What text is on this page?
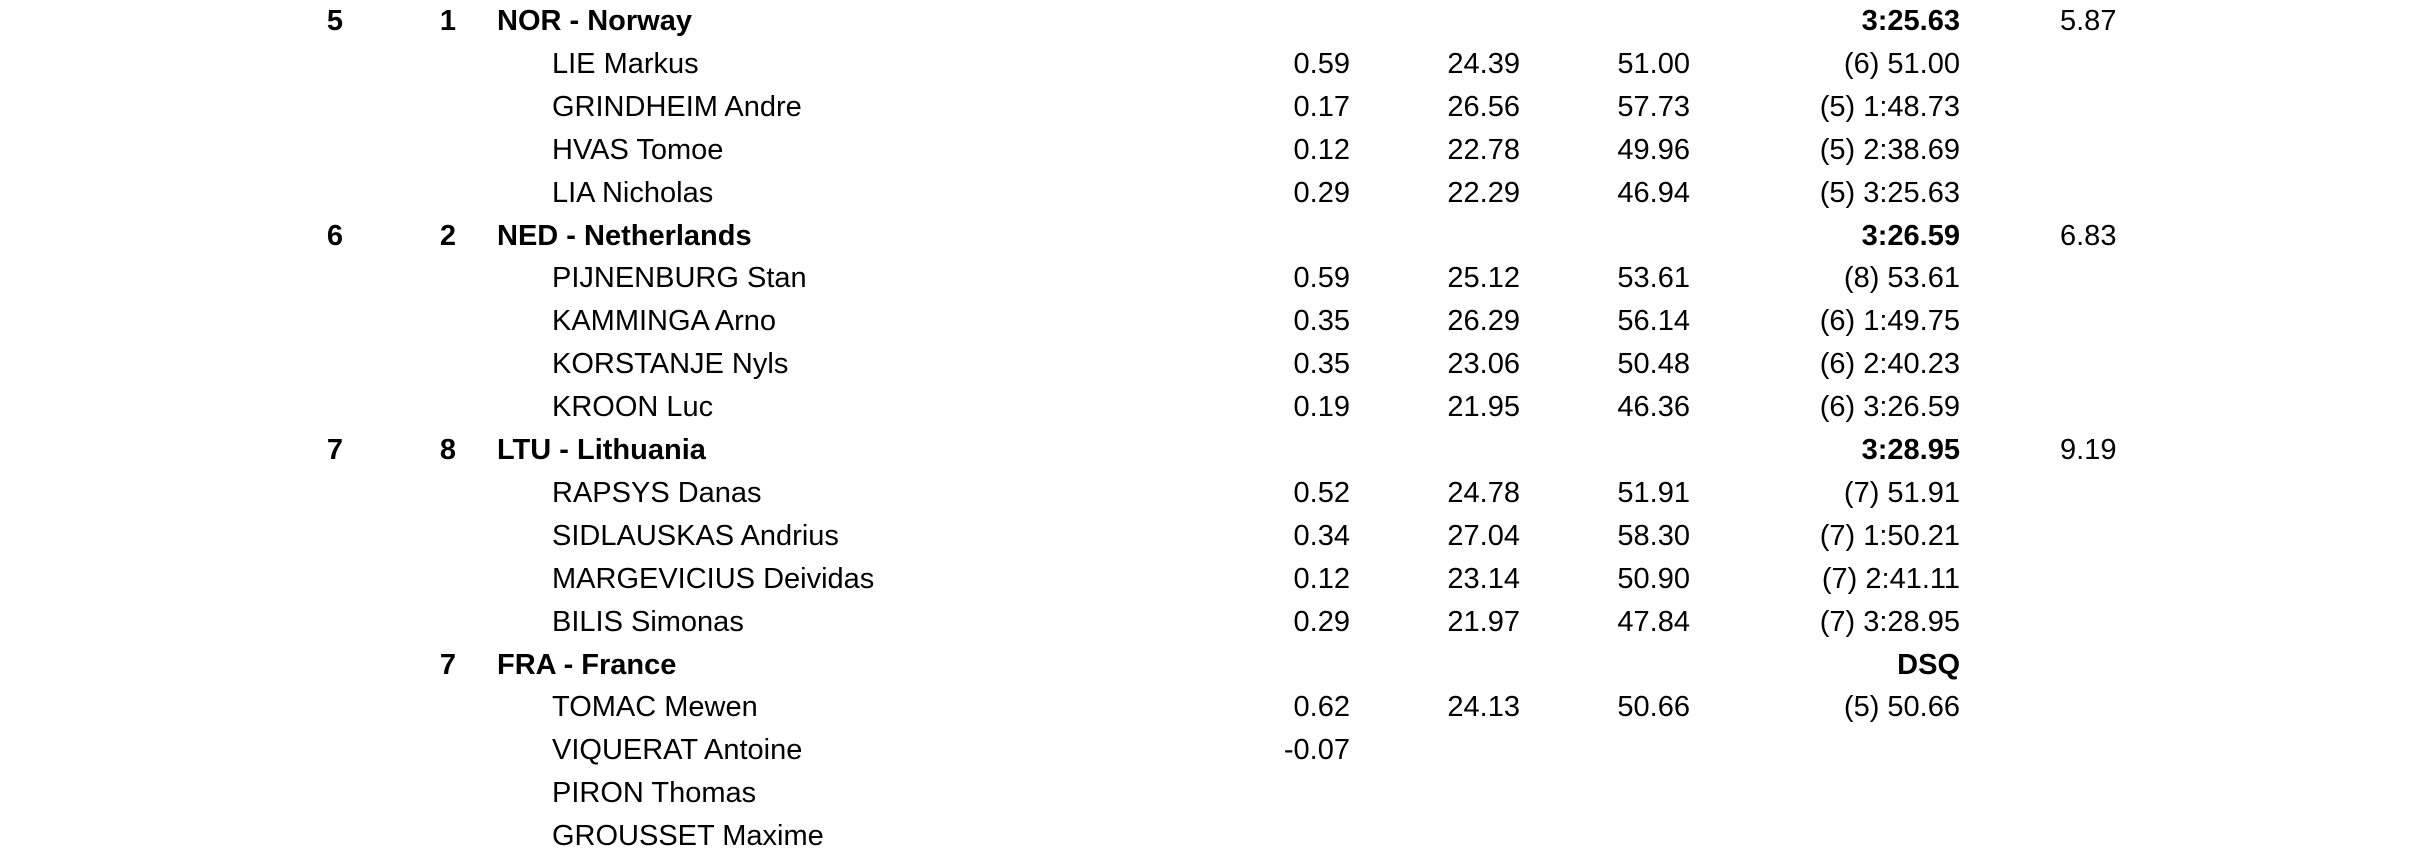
5	1 NOR - Norway	3:25.63	5.87
LIE Markus	0.59	24.39	51.00	(6) 51.00
GRINDHEIM Andre	0.17	26.56	57.73	(5) 1:48.73
HVAS Tomoe	0.12	22.78	49.96	(5) 2:38.69
LIA Nicholas	0.29	22.29	46.94	(5) 3:25.63
6	2 NED - Netherlands	3:26.59	6.83
PIJNENBURG Stan	0.59	25.12	53.61	(8) 53.61
KAMMINGA Arno	0.35	26.29	56.14	(6) 1:49.75
KORSTANJE Nyls	0.35	23.06	50.48	(6) 2:40.23
KROON Luc	0.19	21.95	46.36	(6) 3:26.59
7	8 LTU - Lithuania	3:28.95	9.19
RAPSYS Danas	0.52	24.78	51.91	(7) 51.91
SIDLAUSKAS Andrius	0.34	27.04	58.30	(7) 1:50.21
MARGEVICIUS Deividas	0.12	23.14	50.90	(7) 2:41.11
BILIS Simonas	0.29	21.97	47.84	(7) 3:28.95
7 FRA - France	DSQ
TOMAC Mewen	0.62	24.13	50.66	(5) 50.66
VIQUERAT Antoine	-0.07
PIRON Thomas
GROUSSET Maxime
